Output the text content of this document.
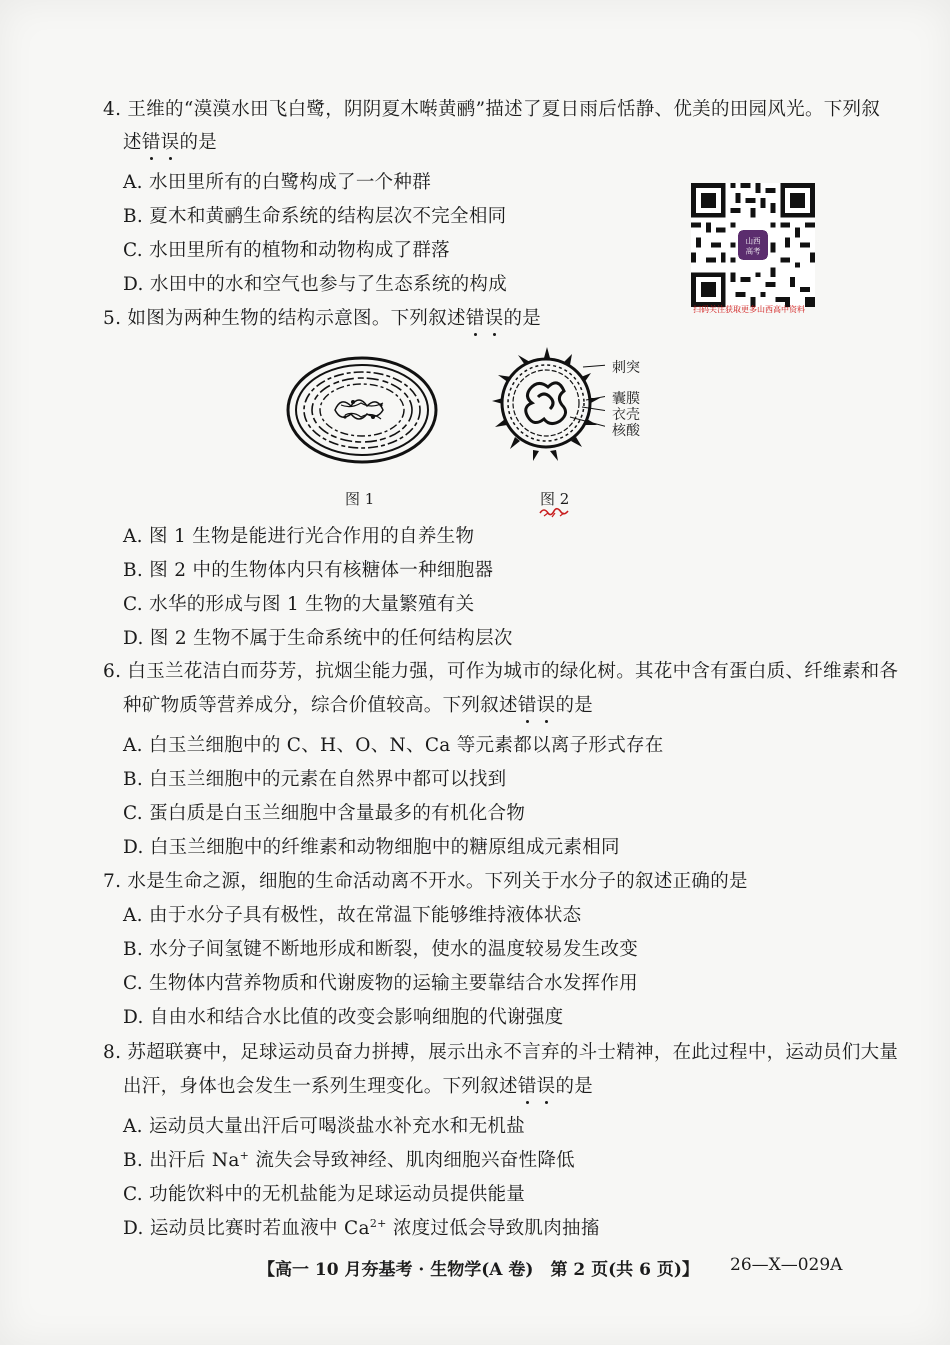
4. 王维的“漠漠水田飞白鹭，阴阴夏木啭黄鹂”描述了夏日雨后恬静、优美的田园风光。下列叙
述错误的是
A. 水田里所有的白鹭构成了一个种群
B. 夏木和黄鹂生命系统的结构层次不完全相同
C. 水田里所有的植物和动物构成了群落
D. 水田中的水和空气也参与了生态系统的构成
山西
高考
扫码关注获取更多山西高中资料
5. 如图为两种生物的结构示意图。下列叙述错误的是
图 1
刺突
囊膜
衣壳
核酸
图 2
A. 图 1 生物是能进行光合作用的自养生物
B. 图 2 中的生物体内只有核糖体一种细胞器
C. 水华的形成与图 1 生物的大量繁殖有关
D. 图 2 生物不属于生命系统中的任何结构层次
6. 白玉兰花洁白而芬芳，抗烟尘能力强，可作为城市的绿化树。其花中含有蛋白质、纤维素和各
种矿物质等营养成分，综合价值较高。下列叙述错误的是
A. 白玉兰细胞中的 C、H、O、N、Ca 等元素都以离子形式存在
B. 白玉兰细胞中的元素在自然界中都可以找到
C. 蛋白质是白玉兰细胞中含量最多的有机化合物
D. 白玉兰细胞中的纤维素和动物细胞中的糖原组成元素相同
7. 水是生命之源，细胞的生命活动离不开水。下列关于水分子的叙述正确的是
A. 由于水分子具有极性，故在常温下能够维持液体状态
B. 水分子间氢键不断地形成和断裂，使水的温度较易发生改变
C. 生物体内营养物质和代谢废物的运输主要靠结合水发挥作用
D. 自由水和结合水比值的改变会影响细胞的代谢强度
8. 苏超联赛中，足球运动员奋力拼搏，展示出永不言弃的斗士精神，在此过程中，运动员们大量
出汗，身体也会发生一系列生理变化。下列叙述错误的是
A. 运动员大量出汗后可喝淡盐水补充水和无机盐
B. 出汗后 Na+ 流失会导致神经、肌肉细胞兴奋性降低
C. 功能饮料中的无机盐能为足球运动员提供能量
D. 运动员比赛时若血液中 $Ca^{2+}$ 浓度过低会导致肌肉抽搐
【高一 10 月夯基考 · 生物学(A 卷)　第 2 页(共 6 页)】 26—X—029A
